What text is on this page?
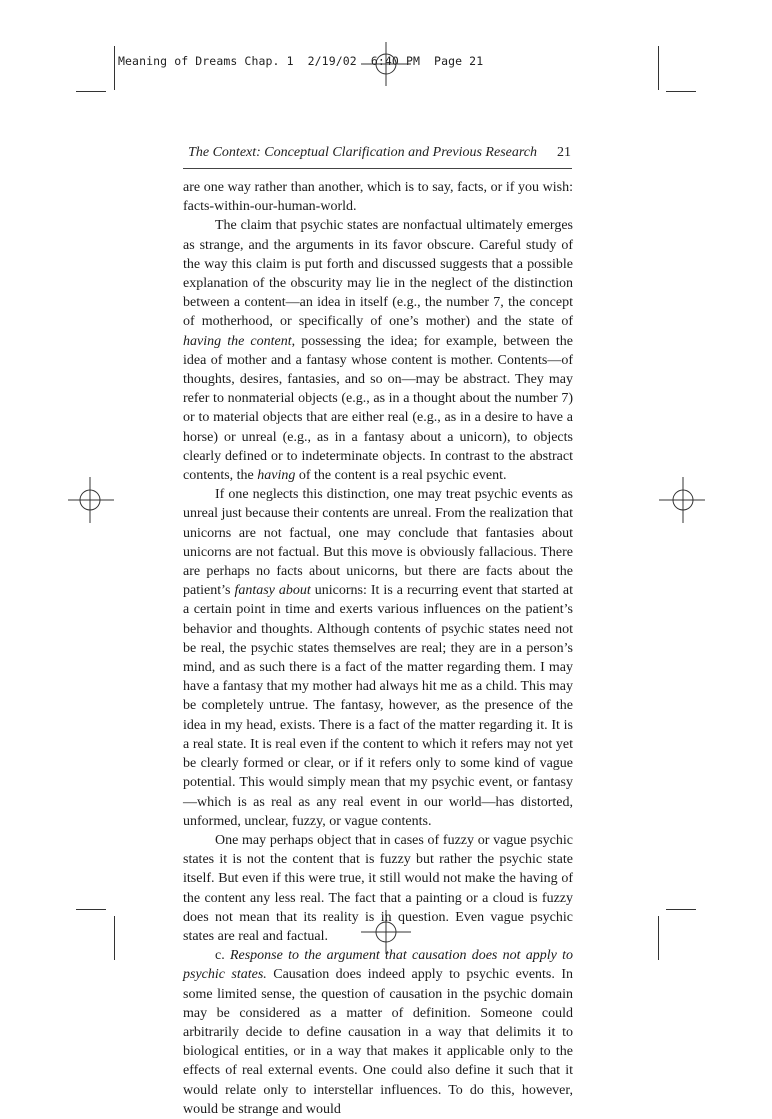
Meaning of Dreams Chap. 1  2/19/02  6:40 PM  Page 21
The Context: Conceptual Clarification and Previous Research 21

are one way rather than another, which is to say, facts, or if you wish: facts-within-our-human-world.

The claim that psychic states are nonfactual ultimately emerges as strange, and the arguments in its favor obscure. Careful study of the way this claim is put forth and discussed suggests that a possible explanation of the obscurity may lie in the neglect of the distinction between a content—an idea in itself (e.g., the number 7, the concept of motherhood, or specifically of one’s mother) and the state of having the content, possessing the idea; for example, between the idea of mother and a fantasy whose content is mother. Contents—of thoughts, desires, fantasies, and so on—may be abstract. They may refer to nonmaterial objects (e.g., as in a thought about the number 7) or to material objects that are either real (e.g., as in a desire to have a horse) or unreal (e.g., as in a fantasy about a unicorn), to objects clearly defined or to indeterminate objects. In contrast to the abstract contents, the having of the content is a real psychic event.

If one neglects this distinction, one may treat psychic events as unreal just because their contents are unreal. From the realization that unicorns are not factual, one may conclude that fantasies about unicorns are not factual. But this move is obviously fallacious. There are perhaps no facts about unicorns, but there are facts about the patient’s fantasy about unicorns: It is a recurring event that started at a certain point in time and exerts various influences on the patient’s behavior and thoughts. Although contents of psychic states need not be real, the psychic states themselves are real; they are in a person’s mind, and as such there is a fact of the matter regarding them. I may have a fantasy that my mother had always hit me as a child. This may be completely untrue. The fantasy, however, as the presence of the idea in my head, exists. There is a fact of the matter regarding it. It is a real state. It is real even if the content to which it refers may not yet be clearly formed or clear, or if it refers only to some kind of vague potential. This would simply mean that my psychic event, or fantasy—which is as real as any real event in our world—has distorted, unformed, unclear, fuzzy, or vague contents.

One may perhaps object that in cases of fuzzy or vague psychic states it is not the content that is fuzzy but rather the psychic state itself. But even if this were true, it still would not make the having of the content any less real. The fact that a painting or a cloud is fuzzy does not mean that its reality is in question. Even vague psychic states are real and factual.

c. Response to the argument that causation does not apply to psychic states. Causation does indeed apply to psychic events. In some limited sense, the question of causation in the psychic domain may be considered as a matter of definition. Someone could arbitrarily decide to define causation in a way that delimits it to biological entities, or in a way that makes it applicable only to the effects of real external events. One could also define it such that it would relate only to interstellar influences. To do this, however, would be strange and would
